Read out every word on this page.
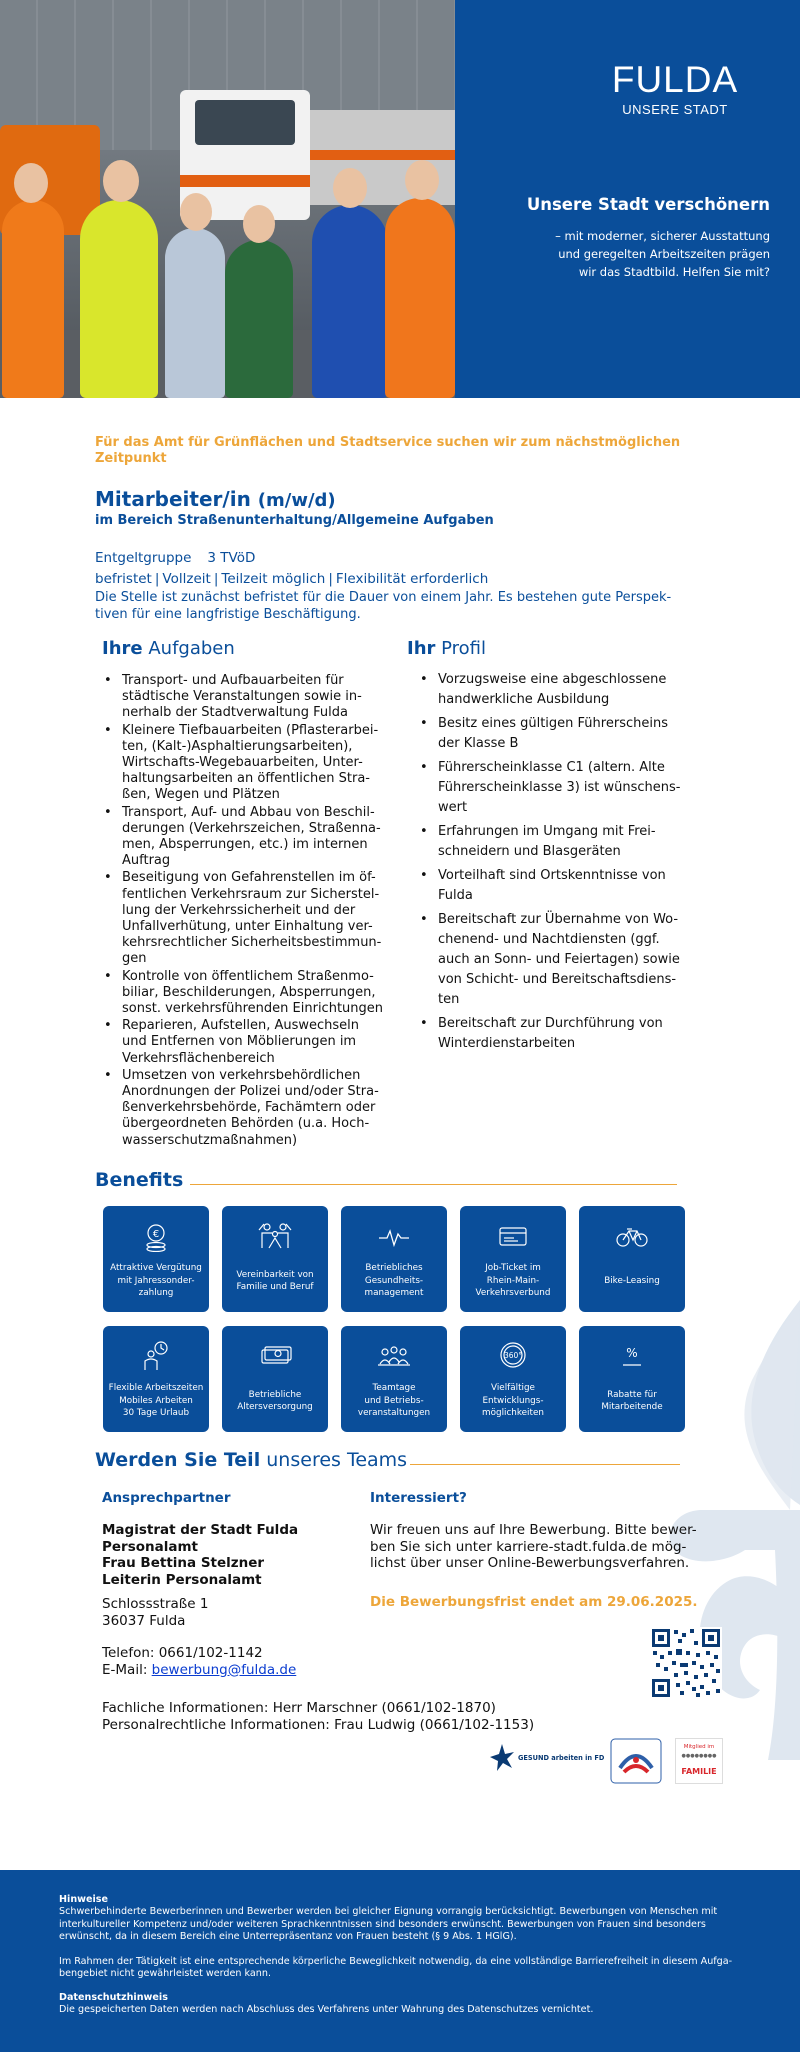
FULDA
UNSERE STADT
Unsere Stadt verschönern
– mit moderner, sicherer Ausstattung
und geregelten Arbeitszeiten prägen
wir das Stadtbild. Helfen Sie mit?
Für das Amt für Grünflächen und Stadtservice suchen wir zum nächstmöglichen Zeitpunkt
Mitarbeiter/in (m/w/d)
im Bereich Straßenunterhaltung/Allgemeine Aufgaben
Entgeltgruppe 3 TVöD
befristet | Vollzeit | Teilzeit möglich | Flexibilität erforderlich
Die Stelle ist zunächst befristet für die Dauer von einem Jahr. Es bestehen gute Perspek-
tiven für eine langfristige Beschäftigung.
Ihre Aufgaben
• Transport- und Aufbauarbeiten für
städtische Veranstaltungen sowie in-
nerhalb der Stadtverwaltung Fulda
• Kleinere Tiefbauarbeiten (Pflasterarbei-
ten, (Kalt-)Asphaltierungsarbeiten),
Wirtschafts-Wegebauarbeiten, Unter-
haltungsarbeiten an öffentlichen Stra-
ßen, Wegen und Plätzen
• Transport, Auf- und Abbau von Beschil-
derungen (Verkehrszeichen, Straßenna-
men, Absperrungen, etc.) im internen
Auftrag
• Beseitigung von Gefahrenstellen im öf-
fentlichen Verkehrsraum zur Sicherstel-
lung der Verkehrssicherheit und der
Unfallverhütung, unter Einhaltung ver-
kehrsrechtlicher Sicherheitsbestimmun-
gen
• Kontrolle von öffentlichem Straßenmo-
biliar, Beschilderungen, Absperrungen,
sonst. verkehrsführenden Einrichtungen
• Reparieren, Aufstellen, Auswechseln
und Entfernen von Möblierungen im
Verkehrsflächenbereich
• Umsetzen von verkehrsbehördlichen
Anordnungen der Polizei und/oder Stra-
ßenverkehrsbehörde, Fachämtern oder
übergeordneten Behörden (u.a. Hoch-
wasserschutzmaßnahmen)
Ihr Profil
• Vorzugsweise eine abgeschlossene
handwerkliche Ausbildung
• Besitz eines gültigen Führerscheins
der Klasse B
• Führerscheinklasse C1 (altern. Alte
Führerscheinklasse 3) ist wünschens-
wert
• Erfahrungen im Umgang mit Frei-
schneidern und Blasgeräten
• Vorteilhaft sind Ortskenntnisse von
Fulda
• Bereitschaft zur Übernahme von Wo-
chenend- und Nachtdiensten (ggf.
auch an Sonn- und Feiertagen) sowie
von Schicht- und Bereitschaftsdiens-
ten
• Bereitschaft zur Durchführung von
Winterdienstarbeiten
Benefits
€
Attraktive Vergütung
mit Jahressonder-
zahlung
Vereinbarkeit von
Familie und Beruf
Betriebliches
Gesundheits-
management
Job-Ticket im
Rhein-Main-
Verkehrsverbund
Bike-Leasing
Flexible Arbeitszeiten
Mobiles Arbeiten
30 Tage Urlaub
Betriebliche
Altersversorgung
Teamtage
und Betriebs-
veranstaltungen
360°
Vielfältige
Entwicklungs-
möglichkeiten
%
Rabatte für
Mitarbeitende
Werden Sie Teil unseres Teams
Ansprechpartner
Magistrat der Stadt Fulda
Personalamt
Frau Bettina Stelzner
Leiterin Personalamt
Schlossstraße 1
36037 Fulda
Telefon: 0661/102-1142
E-Mail: bewerbung@fulda.de
Fachliche Informationen: Herr Marschner (0661/102-1870)
Personalrechtliche Informationen: Frau Ludwig (0661/102-1153)
Interessiert?
Wir freuen uns auf Ihre Bewerbung. Bitte bewer-
ben Sie sich unter karriere-stadt.fulda.de mög-
lichst über unser Online-Bewerbungsverfahren.
Die Bewerbungsfrist endet am 29.06.2025.
GESUND arbeiten in FD
Mitglied im
●●●●●●●●
FAMILIE
Hinweise
Schwerbehinderte Bewerberinnen und Bewerber werden bei gleicher Eignung vorrangig berücksichtigt. Bewerbungen von Menschen mit
interkultureller Kompetenz und/oder weiteren Sprachkenntnissen sind besonders erwünscht. Bewerbungen von Frauen sind besonders
erwünscht, da in diesem Bereich eine Unterrepräsentanz von Frauen besteht (§ 9 Abs. 1 HGlG).
Im Rahmen der Tätigkeit ist eine entsprechende körperliche Beweglichkeit notwendig, da eine vollständige Barrierefreiheit in diesem Aufga-
bengebiet nicht gewährleistet werden kann.
Datenschutzhinweis
Die gespeicherten Daten werden nach Abschluss des Verfahrens unter Wahrung des Datenschutzes vernichtet.
